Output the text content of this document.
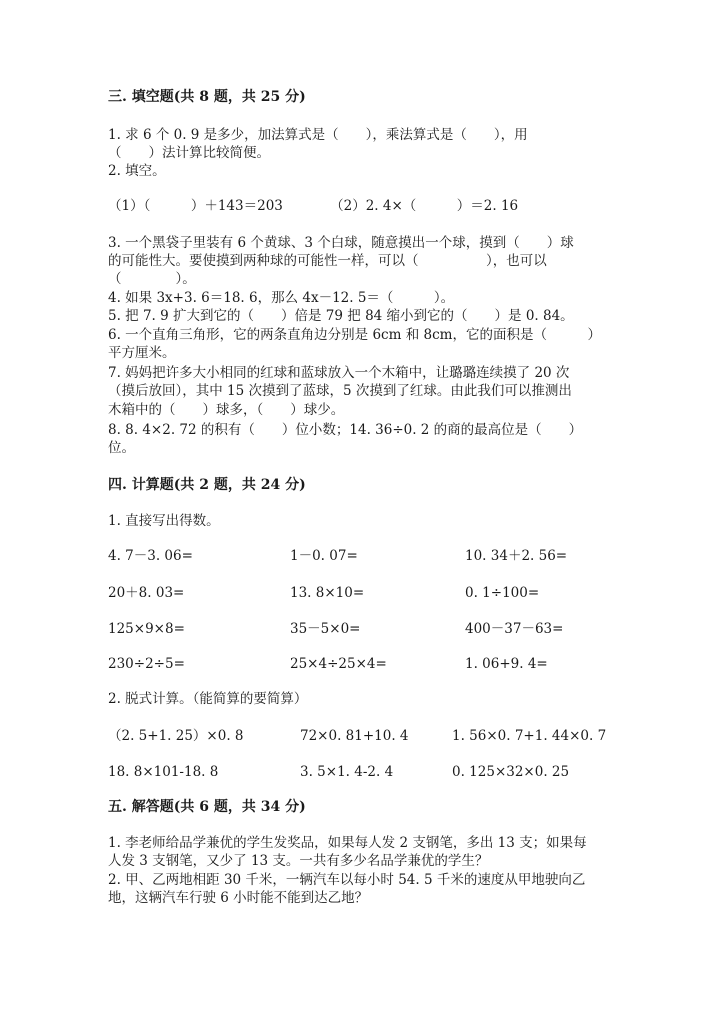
三. 填空题(共 8 题，共 25 分)
1. 求 6 个 0. 9 是多少，加法算式是（　　），乘法算式是（　　），用
（　　）法计算比较简便。
2. 填空。
（1）（　　　）＋143＝203　　　　（2）2. 4×（　　　）＝2. 16
3. 一个黑袋子里装有 6 个黄球、3 个白球，随意摸出一个球，摸到（　　）球
的可能性大。要使摸到两种球的可能性一样，可以（　　　　　），也可以
（　　　　）。
4. 如果 3x+3. 6＝18. 6，那么 4x－12. 5＝（　　　）。
5. 把 7. 9 扩大到它的（　　）倍是 79 把 84 缩小到它的（　　）是 0. 84。
6. 一个直角三角形，它的两条直角边分别是 6cm 和 8cm，它的面积是（　　　）
平方厘米。
7. 妈妈把许多大小相同的红球和蓝球放入一个木箱中，让璐璐连续摸了 20 次
（摸后放回），其中 15 次摸到了蓝球，5 次摸到了红球。由此我们可以推测出
木箱中的（　　）球多，（　　）球少。
8. 8. 4×2. 72 的积有（　　）位小数；14. 36÷0. 2 的商的最高位是（　　）
位。
四. 计算题(共 2 题，共 24 分)
1. 直接写出得数。
4. 7－3. 06=	1－0. 07=	10. 34＋2. 56=
20＋8. 03=	13. 8×10=	0. 1÷100=
125×9×8=	35－5×0=	400－37－63=
230÷2÷5=	25×4÷25×4=	1. 06+9. 4=
2. 脱式计算。（能简算的要简算）
（2. 5+1. 25）×0. 8	72×0. 81+10. 4	1. 56×0. 7+1. 44×0. 7
18. 8×101-18. 8	3. 5×1. 4-2. 4	0. 125×32×0. 25
五. 解答题(共 6 题，共 34 分)
1. 李老师给品学兼优的学生发奖品，如果每人发 2 支钢笔，多出 13 支；如果每
人发 3 支钢笔，又少了 13 支。一共有多少名品学兼优的学生？
2. 甲、乙两地相距 30 千米，一辆汽车以每小时 54. 5 千米的速度从甲地驶向乙
地，这辆汽车行驶 6 小时能不能到达乙地？
